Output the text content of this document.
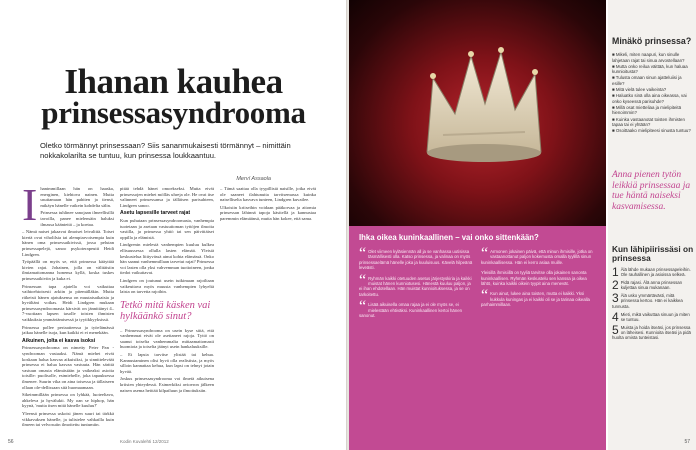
Ihanan kauhea
prinsessasyndrooma
Oletko törmännyt prinsessaan? Siis sananmukaisesti törmännyt – nimittäin nokkakolarilta se tuntuu, kun prinsessa loukkaantuu.
Merví Assaola
I hanimmillaan hän on haaska, energinen, kiehtova nainen. Mutta usuttamaan hän pahiten ja tiensä, mikäyn hänelle vaikein kohdelta sälin.

Prinsessa tuhlinee sanojaan ilmeellisillä tavoilla, panee mielensäin haluksi ilmassa käänteitä – ja koetaa.

– Nämä naiset jakaavat ilmoiset leivalittä. Toiset kiertä ovat viholilsia tai alempiarvoisempia kuin hänen oma prinsessaikivissä, jossa pelutan prinsessapelejä, sanoo psykoterapeutti Heidi Lindgren.

Työpäällä on myös se, että prinsessa kääyttää kivien rajat. Johainen, jolla on välitäisiin ilmiamattomanna honensa kyllä, koska tuskes prinsessaikiviin ja kuka ei.

Prinsessan tapa ajatella voi vaikuttaa vaihtoehtoisesti arkiin ja pitemälläkin. Mutta riikeisti hänen ajatuksensa on muutaisaikaisia ja hyvältäni voikas. Heidi Lindgren mukaan prinsessasyndroomasta kärsivät on jännittänyt 4–7-vuotiaan lapsen tasolle toisten ihmisten vaikkuksia ymmärtämisessä ja tyytikkyyksissä.

Prinsessa pollee periaatteessa ja työelämässä jaikaa hänelle isoja, kun kaikki ei ei menekään.

Aikuinen, jolta ei kasva isoksi

Prinsessasyndrooma on nimetty Peter Pan -syndrooman vastaaksi. Nämä miehet eivät koskaan halua kasvaa aikuisiksi, ja sinnitteleväät prinsessa ei halua kasvaa vastuuta. Hän särittä vastuun omasta elämästään ja vaikeaksi asioita toisille: puolisolle, esimiehelle, joka tapauksessa ilmenee. Suurin vika on aina toisessa ja tällaiseen ollaan ole-dellissaan sitä huomaamaan.

Sikeimmillään prinsessa on lyhkää, luoteeltava, ahkeleva ja hyvälukti. My oan se hiphop, hän kyynä, 'mutta itsen mitä hänelle kuuluu?'

Yleensä prinsessa uskoisi jänen suuri tai tärkkä vikkavuksen hänelle, ja tulistelee vahkailla kuin ilmeen tai velvosuiin ilmoitettu tuntumiin.

pitää tehdä hänet omoekseksi. Mutta eivät prinsessojen miehet mölläs uhreja ole. He ovat itse valinneet prinsessansa ja tälläisen parisuhteen, Lindgren sanoo.

Asetu lapsesille tarveet rajat

Kun puhutaan prinsessasyndroomasta, vanhempia tuotetaan ja asetaan vastuuttoman tyttöjen ilmoita vastilla, ja prinsessa yhtiö tai sen päivittäiset oppilla ja elämistä.

Lindgrenin mielestä vanhempien kuuluu kulkea ellisuussessa ollulla lasten elämää. Yleisiä keskustelua liittyvässä ainut kohta elämässä. Onko hän saanut vanhemmillaan tarvetut rajat? Prinsessa voi lasten olla yksi vahvemman tuottoineen, jonka tiedot vaikuttavat.

Lindgren on joutunut usein tutkimaan rajoiltaan vaikeuttava myös muusta vanhempien lyhyeltä laista on tarvetta rajoihin.

Tetkö mitä käsken vai hylkäänkö sinut?

– Prinsessasyndrooma on usein kyse siitä, että vanhemmat eivät ole asettaneet rajoja. Tyttö on saanut toiselta vanhemmalta mittaamattomasti huomiota ja toiselta jäänyt usein hankaluuksille.

– Ei lapsia tarvitse ylistää tai kehua. Kannustaminen olisi hyvä olla realistista, ja myös silloin kannattaa kehua, kun lapsi on tehnyt jotain hyvää.

Joskus prinsessasyndrooma voi ilmetä aikuisena kriisien yhteydessä. Esimerkiksi avioeron jälkeen naisen asema heittää kilpailuun ja ilmoituksiin.

– Tämä saattaa olla tyypillistä naisille, jotka eivät ole saaneet ilahtunutta tarvitsemassa kuinka naiselliselta kasvava tunteen, Lindgren kuvailee.

Ulkoisiin kriiseihin voidaan pääkorvaa ja aitomia prinsessan lähinnä tapoja käsitellä ja kannustaa paremmin elämäänsä, mutta hän kokee, että sama.

56	Kodin Kuvalehti 12/2012
Ihka oikea kuninkaallinen – vai onko sittenkään?

“ Olet viimeen kyläsiennän all ja se vanhassa uutisissa täsmällisesti olla. Katso prinsessa, ja valinaa on myös prinsessaelämä hänelle joka ja kuuluisuus. Kävelä hilpeänä leveästi.

“ Ryhmän kaikki otetuuden asetus järjestyskiria ja kaikki muistat hänen kunniotusesi. Hänestä kuuluu paljon, ja ei ihan ehdotellaan. Hän muistat kunnioituksessa, ja se on tarkoitettu.

“ Lisää aikuisella omaa rajaa ja ei ole myös se, ei mielestään ehtiväksi. Kuninkaallinen kertoi hänen sanonut.

“ Armonen jokainen päivä, että minun ihmisille, jotka on vastaanottanut paljon kokemusta omalla tyylillä sinun kuninkaallisessa. Hän ei kerro asiaa muille.

Yleisillä ihmisiillä on tyyliä tarvitse olla jokainen sanonta kuninkaallisen. Ryhmän keskustelu sen kanssa ja oikea lähtö, kuinka kaikki oikein tyypit aina menevät.

“ Kun ainut, lukee aina toisten, mutta ei kaikki. Yksi kukkula kuningas ja ei kaikki oli se ja tarinaa oikealla parhaimmillaan.

Minäkö prinsessa?
■ Mikeli, miten naapuri, kun sinulle lahjetaan rajat tai sinua arvostellaan?
■ Mutta onko reilua väittää, kun haluaa kunnioitusta?
■ Tulusta omaan sinun ajatteluiisi ja esille?
■ Mitä vielä tulee vaikeinta?
■ Haluatko sinä olla aina oikeassa, vai onko kyseessä parisuhde?
■ Millä osat mietteliaa ja mielipiteitä hienoimmin?
■ Kuinka vastaanotat toisten ihmisten tapaa tai ei yhtään?
■ Osoittaako mielipiteesi sinusta tuntuu?
Anna pienen tytön leikkiä prinsessaa ja tue häntä naiseksi kasvamisessa.
Kun lähipiirissäsi on prinsessa
1 Älä lähde mukaan prinsessapeleihin. Ole rauhallinen ja asioissa selkeä.
2 Pidä rajasi. Älä anna prinsessan kuljettaa sinua mukanaan.
3 Älä usko ymmärtävästi, mitä prinsessa kertoo. Hän ei kaikkea tunnusta.
4 Mieti, mikä vaikuttaa sinuun ja miten se tuntuu.
5 Muista ja hoida itseäsi, jos prinsessa on läheisesi. Kunnioita itseäsi ja pidä huolta omista tunteistasi.
57
